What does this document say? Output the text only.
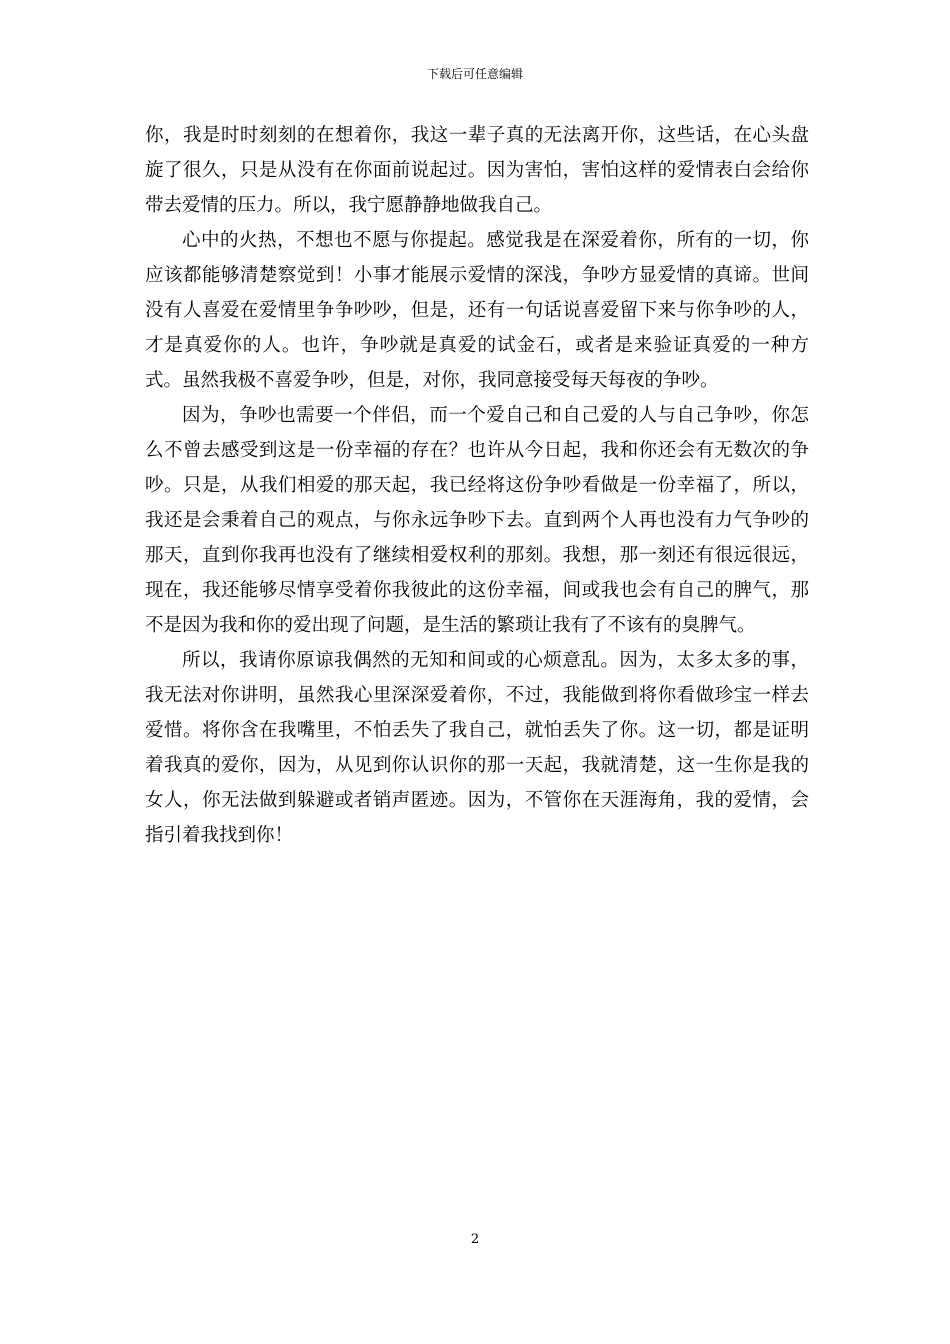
下载后可任意编辑

你，我是时时刻刻的在想着你，我这一辈子真的无法离开你，这些话，在心头盘旋了很久，只是从没有在你面前说起过。因为害怕，害怕这样的爱情表白会给你带去爱情的压力。所以，我宁愿静静地做我自己。

心中的火热，不想也不愿与你提起。感觉我是在深爱着你，所有的一切，你应该都能够清楚察觉到！小事才能展示爱情的深浅，争吵方显爱情的真谛。世间没有人喜爱在爱情里争争吵吵，但是，还有一句话说喜爱留下来与你争吵的人，才是真爱你的人。也许，争吵就是真爱的试金石，或者是来验证真爱的一种方式。虽然我极不喜爱争吵，但是，对你，我同意接受每天每夜的争吵。

因为，争吵也需要一个伴侣，而一个爱自己和自己爱的人与自己争吵，你怎么不曾去感受到这是一份幸福的存在？也许从今日起，我和你还会有无数次的争吵。只是，从我们相爱的那天起，我已经将这份争吵看做是一份幸福了，所以，我还是会秉着自己的观点，与你永远争吵下去。直到两个人再也没有力气争吵的那天，直到你我再也没有了继续相爱权利的那刻。我想，那一刻还有很远很远，现在，我还能够尽情享受着你我彼此的这份幸福，间或我也会有自己的脾气，那不是因为我和你的爱出现了问题，是生活的繁琐让我有了不该有的臭脾气。

所以，我请你原谅我偶然的无知和间或的心烦意乱。因为，太多太多的事，我无法对你讲明，虽然我心里深深爱着你，不过，我能做到将你看做珍宝一样去爱惜。将你含在我嘴里，不怕丢失了我自己，就怕丢失了你。这一切，都是证明着我真的爱你，因为，从见到你认识你的那一天起，我就清楚，这一生你是我的女人，你无法做到躲避或者销声匿迹。因为，不管你在天涯海角，我的爱情，会指引着我找到你！

2
